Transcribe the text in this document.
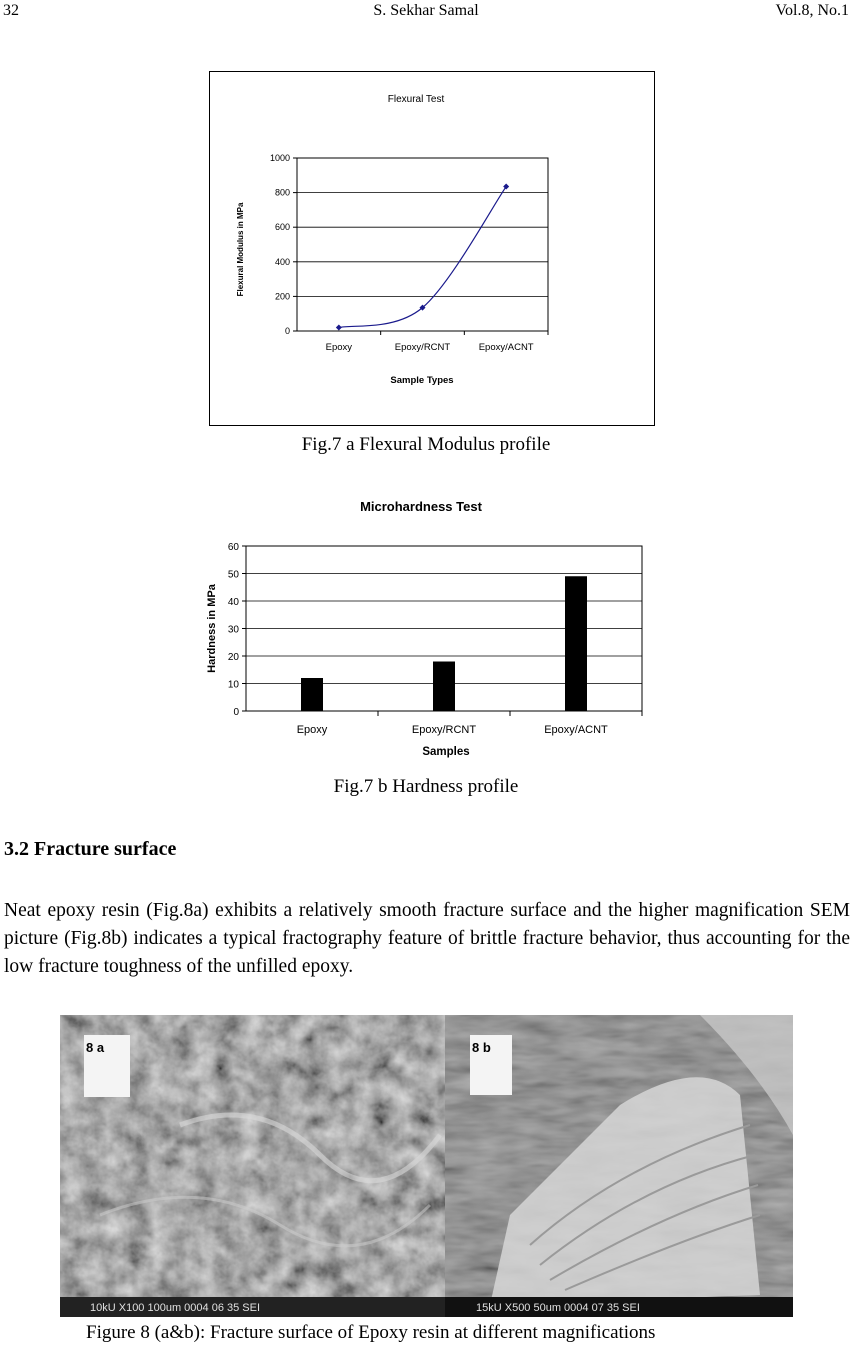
32	S. Sekhar Samal	Vol.8, No.1
Flexural Test
0
200
400
600
800
1000
Epoxy	Epoxy/RCNT	Epoxy/ACNT
Flexural Modulus in MPa
Sample Types
Fig.7 a Flexural Modulus profile
Microhardness Test
0
10
20
30
40
50
60
Epoxy	Epoxy/RCNT	Epoxy/ACNT
Hardness in MPa
Samples
Fig.7 b Hardness profile
3.2 Fracture surface
Neat epoxy resin (Fig.8a) exhibits a relatively smooth fracture surface and the higher magnification SEM picture (Fig.8b) indicates a typical fractography feature of brittle fracture behavior, thus accounting for the low fracture toughness of the unfilled epoxy.
8 a
10kU X100 100um 0004 06 35 SEI
8 b
15kU X500 50um 0004 07 35 SEI
Figure 8 (a&b): Fracture surface of Epoxy resin at different magnifications
